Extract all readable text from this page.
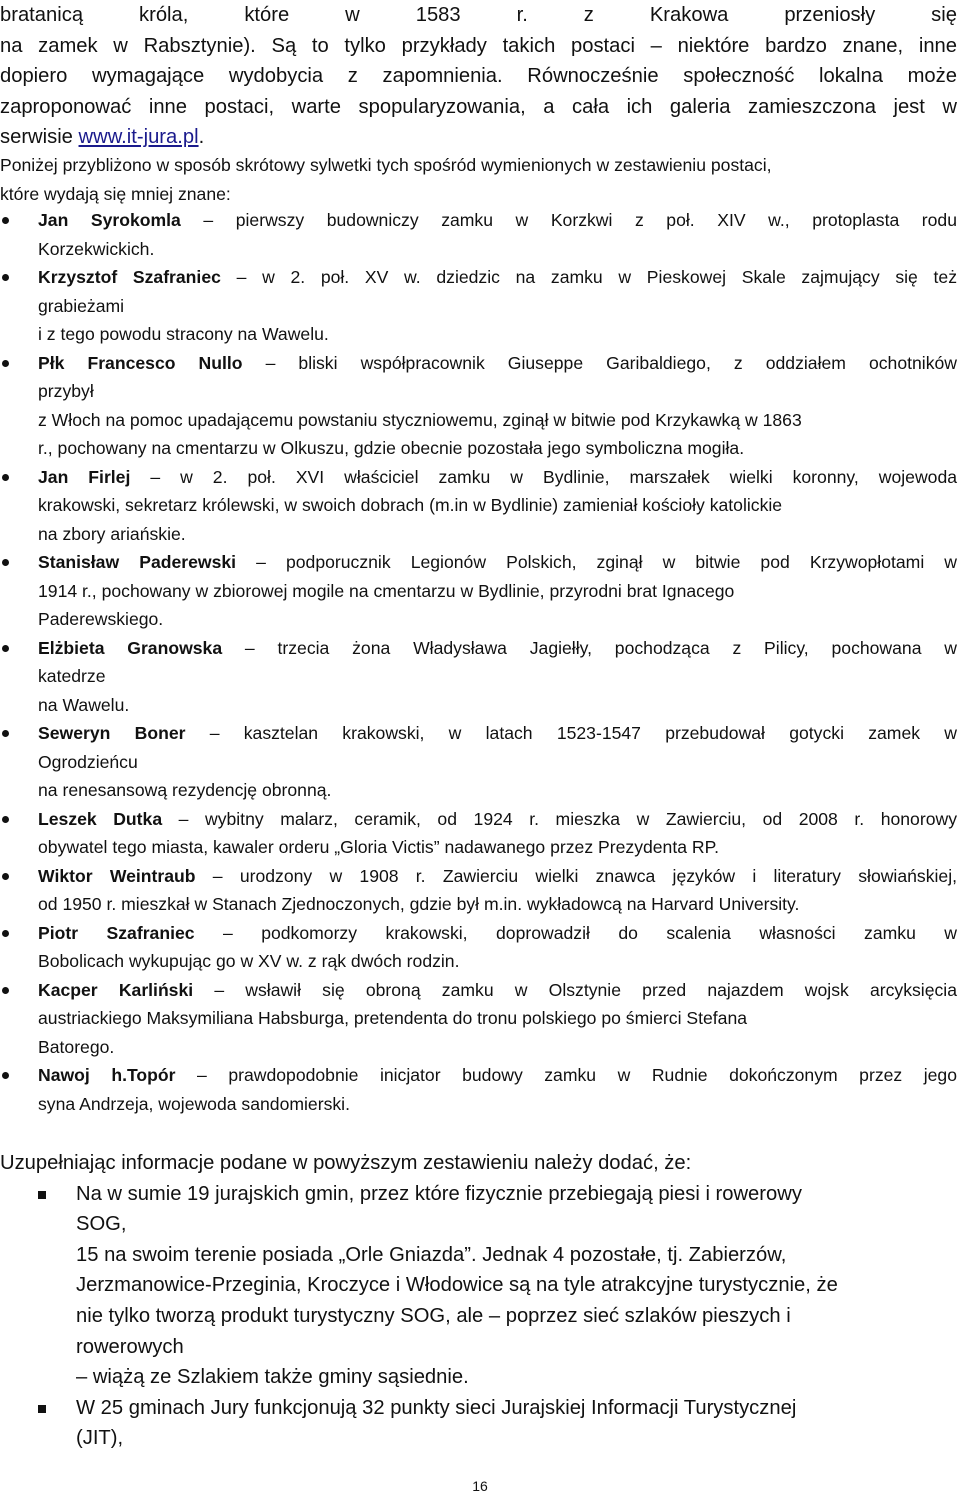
bratanicą króla, które w 1583 r. z Krakowa przeniosły się
na zamek w Rabsztynie). Są to tylko przykłady takich postaci – niektóre bardzo znane, inne
dopiero wymagające wydobycia z zapomnienia. Równocześnie społeczność lokalna może
zaproponować inne postaci, warte spopularyzowania, a cała ich galeria zamieszczona jest w
serwisie www.it-jura.pl.
Poniżej przybliżono w sposób skrótowy sylwetki tych spośród wymienionych w zestawieniu postaci,
które wydają się mniej znane:
Jan Syrokomla – pierwszy budowniczy zamku w Korzkwi z poł. XIV w., protoplasta rodu
Korzekwickich.
Krzysztof Szafraniec – w 2. poł. XV w. dziedzic na zamku w Pieskowej Skale zajmujący się też
grabieżami
i z tego powodu stracony na Wawelu.
Płk Francesco Nullo – bliski współpracownik Giuseppe Garibaldiego, z oddziałem ochotników
przybył
z Włoch na pomoc upadającemu powstaniu styczniowemu, zginął w bitwie pod Krzykawką w 1863
r., pochowany na cmentarzu w Olkuszu, gdzie obecnie pozostała jego symboliczna mogiła.
Jan Firlej – w 2. poł. XVI właściciel zamku w Bydlinie, marszałek wielki koronny, wojewoda
krakowski, sekretarz królewski, w swoich dobrach (m.in w Bydlinie) zamieniał kościoły katolickie
na zbory ariańskie.
Stanisław Paderewski – podporucznik Legionów Polskich, zginął w bitwie pod Krzywopłotami w
1914 r., pochowany w zbiorowej mogile na cmentarzu w Bydlinie, przyrodni brat Ignacego
Paderewskiego.
Elżbieta Granowska – trzecia żona Władysława Jagiełły, pochodząca z Pilicy, pochowana w
katedrze
na Wawelu.
Seweryn Boner – kasztelan krakowski, w latach 1523-1547 przebudował gotycki zamek w
Ogrodzieńcu
na renesansową rezydencję obronną.
Leszek Dutka – wybitny malarz, ceramik, od 1924 r. mieszka w Zawierciu, od 2008 r. honorowy
obywatel tego miasta, kawaler orderu „Gloria Victis” nadawanego przez Prezydenta RP.
Wiktor Weintraub – urodzony w 1908 r. Zawierciu wielki znawca języków i literatury słowiańskiej,
od 1950 r. mieszkał w Stanach Zjednoczonych, gdzie był m.in. wykładowcą na Harvard University.
Piotr Szafraniec – podkomorzy krakowski, doprowadził do scalenia własności zamku w
Bobolicach wykupując go w XV w. z rąk dwóch rodzin.
Kacper Karliński – wsławił się obroną zamku w Olsztynie przed najazdem wojsk arcyksięcia
austriackiego Maksymiliana Habsburga, pretendenta do tronu polskiego po śmierci Stefana
Batorego.
Nawoj h.Topór – prawdopodobnie inicjator budowy zamku w Rudnie dokończonym przez jego
syna Andrzeja, wojewoda sandomierski.
Uzupełniając informacje podane w powyższym zestawieniu należy dodać, że:
Na w sumie 19 jurajskich gmin, przez które fizycznie przebiegają piesi i rowerowy
SOG,
15 na swoim terenie posiada „Orle Gniazda”. Jednak 4 pozostałe, tj. Zabierzów,
Jerzmanowice-Przeginia, Kroczyce i Włodowice są na tyle atrakcyjne turystycznie, że
nie tylko tworzą produkt turystyczny SOG, ale – poprzez sieć szlaków pieszych i
rowerowych
– wiążą ze Szlakiem także gminy sąsiednie.
W 25 gminach Jury funkcjonują 32 punkty sieci Jurajskiej Informacji Turystycznej
(JIT),
16
